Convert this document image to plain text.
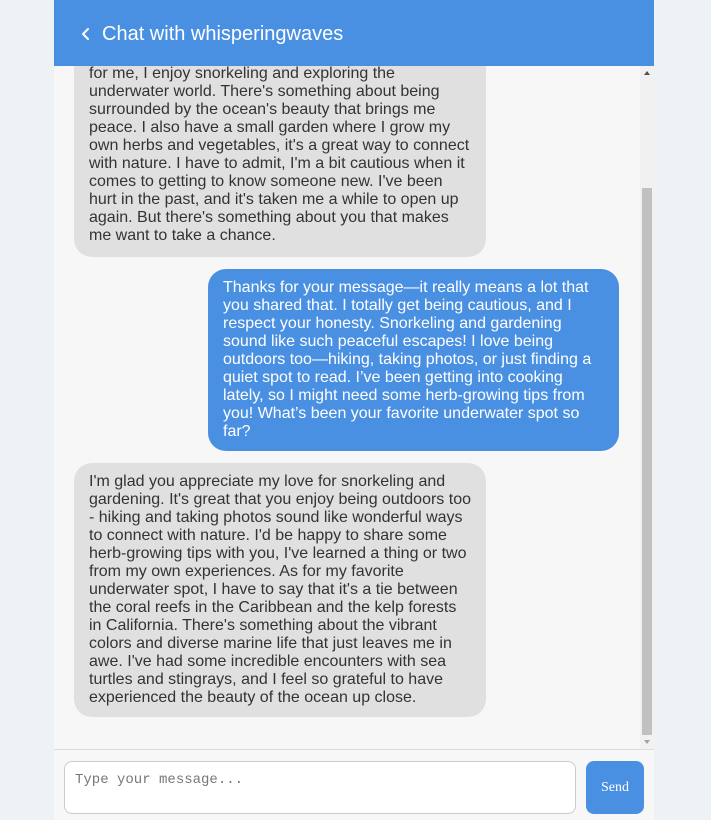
Chat with whisperingwaves
for me, I enjoy snorkeling and exploring the underwater world. There's something about being surrounded by the ocean's beauty that brings me peace. I also have a small garden where I grow my own herbs and vegetables, it's a great way to connect with nature. I have to admit, I'm a bit cautious when it comes to getting to know someone new. I've been hurt in the past, and it's taken me a while to open up again. But there's something about you that makes me want to take a chance.
Thanks for your message—it really means a lot that you shared that. I totally get being cautious, and I respect your honesty. Snorkeling and gardening sound like such peaceful escapes! I love being outdoors too—hiking, taking photos, or just finding a quiet spot to read. I’ve been getting into cooking lately, so I might need some herb-growing tips from you! What’s been your favorite underwater spot so far?
I'm glad you appreciate my love for snorkeling and gardening. It's great that you enjoy being outdoors too - hiking and taking photos sound like wonderful ways to connect with nature. I'd be happy to share some herb-growing tips with you, I've learned a thing or two from my own experiences. As for my favorite underwater spot, I have to say that it's a tie between the coral reefs in the Caribbean and the kelp forests in California. There's something about the vibrant colors and diverse marine life that just leaves me in awe. I've had some incredible encounters with sea turtles and stingrays, and I feel so grateful to have experienced the beauty of the ocean up close.
Type your message...
Send
